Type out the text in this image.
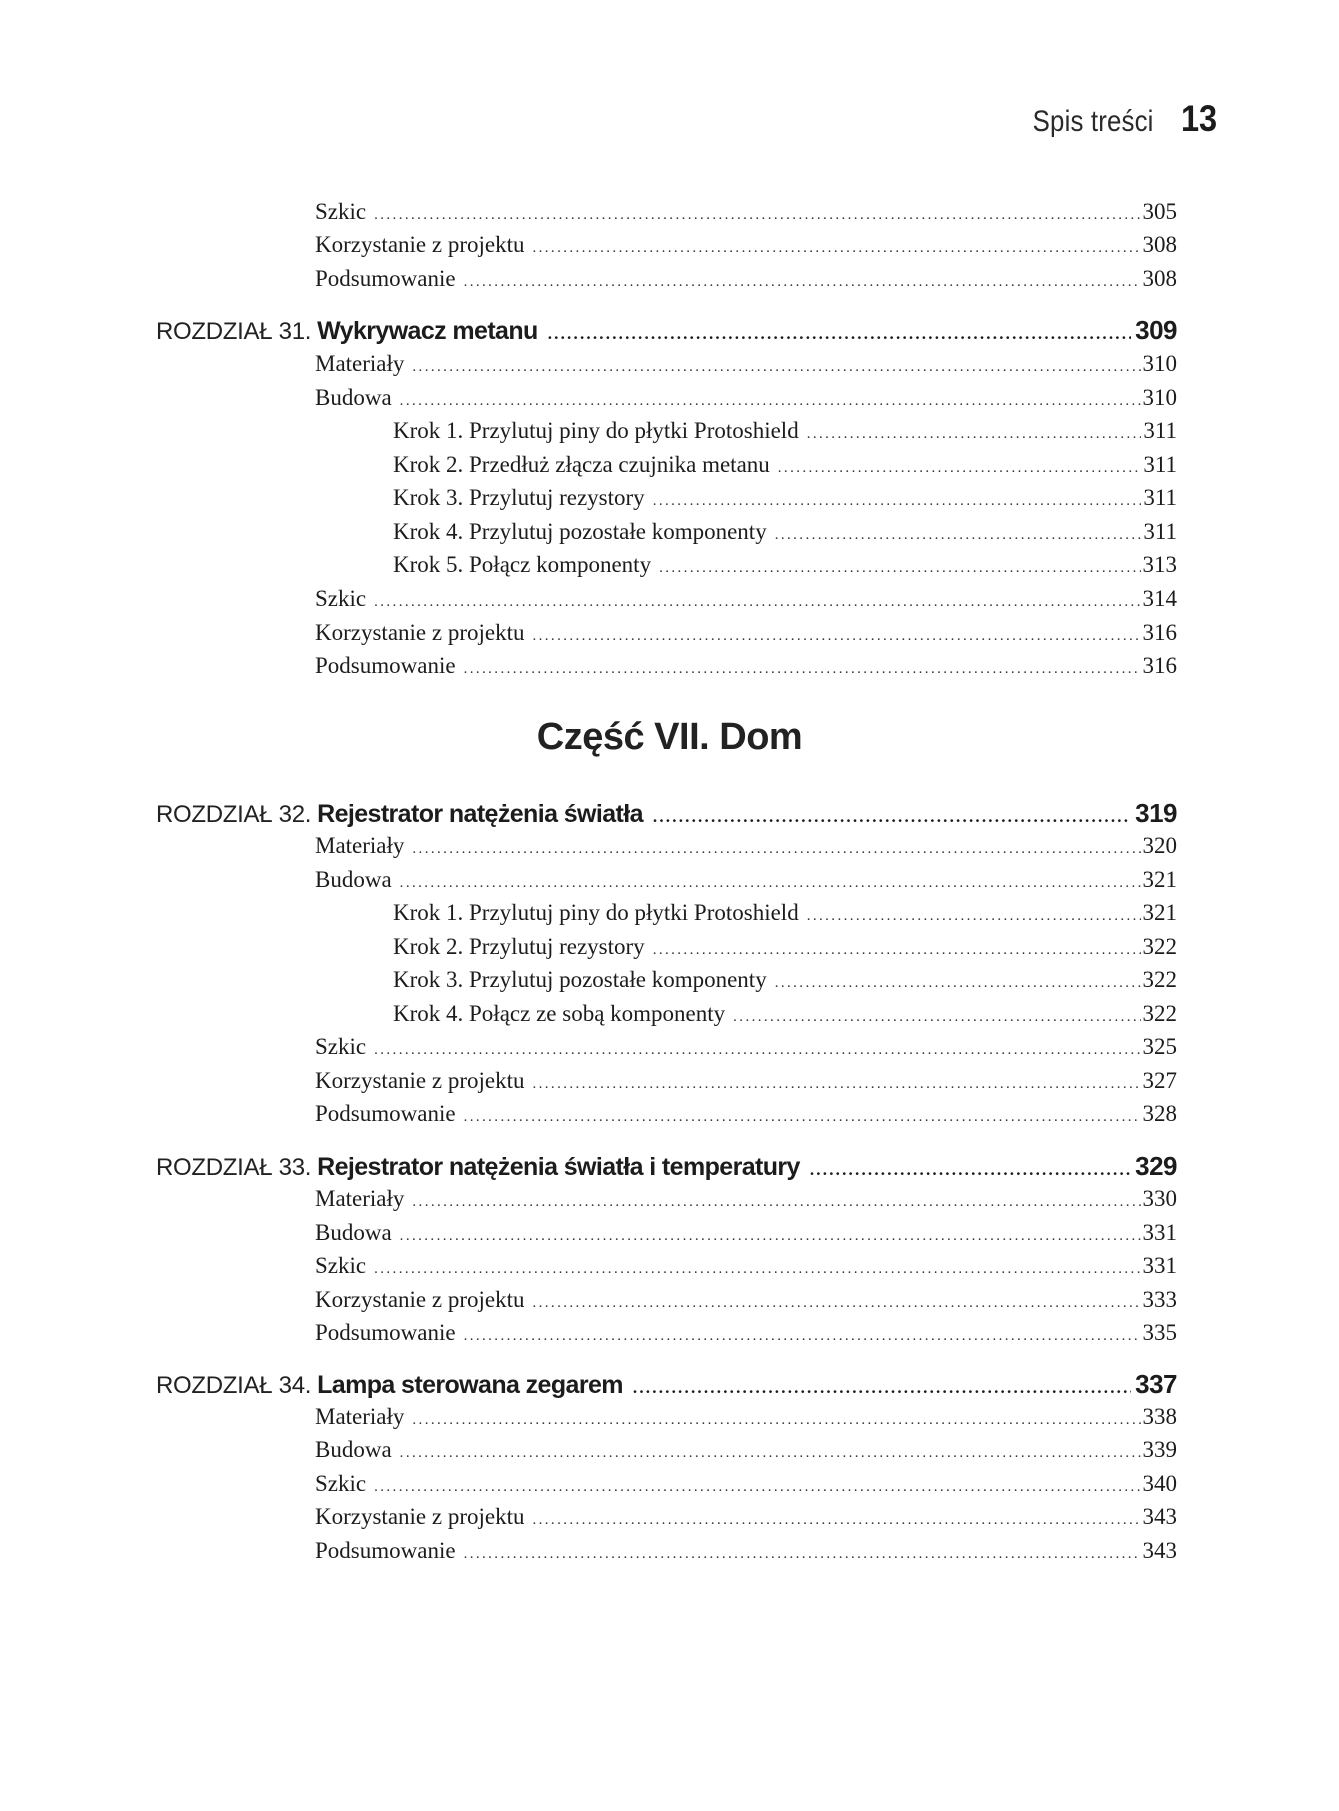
Spis treści 13
Szkic .....	305
Korzystanie z projektu .....	308
Podsumowanie .....	308
ROZDZIAŁ 31. Wykrywacz metanu .....	309
Materiały .....	310
Budowa .....	310
Krok 1. Przylutuj piny do płytki Protoshield .....	311
Krok 2. Przedłuż złącza czujnika metanu .....	311
Krok 3. Przylutuj rezystory .....	311
Krok 4. Przylutuj pozostałe komponenty .....	311
Krok 5. Połącz komponenty .....	313
Szkic .....	314
Korzystanie z projektu .....	316
Podsumowanie .....	316
Część VII. Dom
ROZDZIAŁ 32. Rejestrator natężenia światła .....	319
Materiały .....	320
Budowa .....	321
Krok 1. Przylutuj piny do płytki Protoshield .....	321
Krok 2. Przylutuj rezystory .....	322
Krok 3. Przylutuj pozostałe komponenty .....	322
Krok 4. Połącz ze sobą komponenty .....	322
Szkic .....	325
Korzystanie z projektu .....	327
Podsumowanie .....	328
ROZDZIAŁ 33. Rejestrator natężenia światła i temperatury .....	329
Materiały .....	330
Budowa .....	331
Szkic .....	331
Korzystanie z projektu .....	333
Podsumowanie .....	335
ROZDZIAŁ 34. Lampa sterowana zegarem .....	337
Materiały .....	338
Budowa .....	339
Szkic .....	340
Korzystanie z projektu .....	343
Podsumowanie .....	343
